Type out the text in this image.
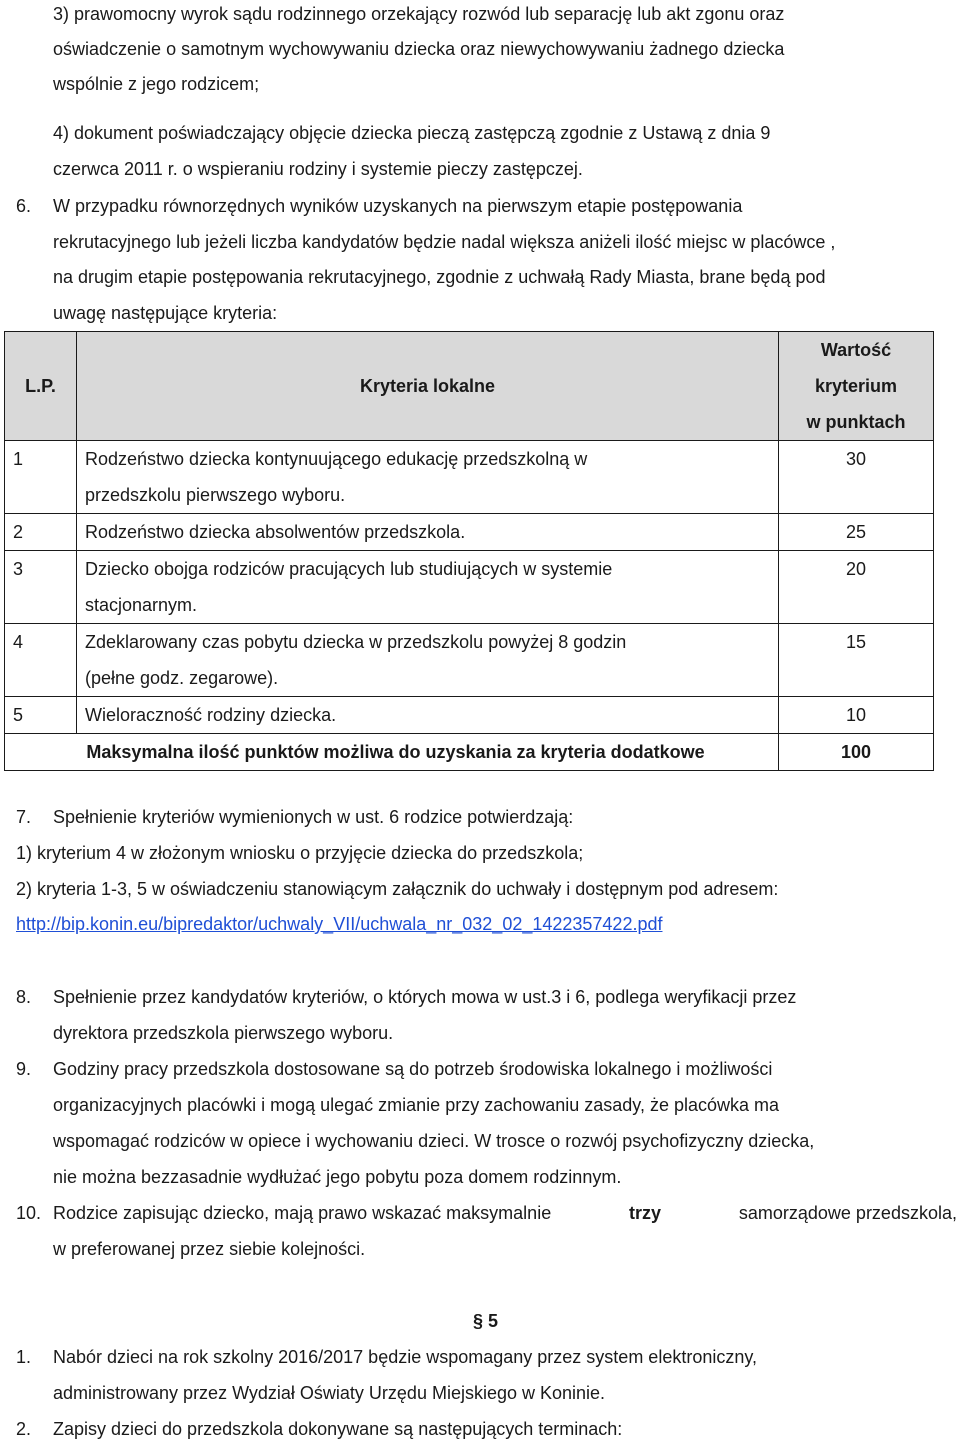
3) prawomocny wyrok sądu rodzinnego orzekający rozwód lub separację lub akt zgonu oraz
oświadczenie o samotnym wychowywaniu dziecka oraz niewychowywaniu żadnego dziecka
wspólnie z jego rodzicem;
4) dokument poświadczający objęcie dziecka pieczą zastępczą zgodnie z Ustawą z dnia 9
czerwca 2011 r. o wspieraniu rodziny i systemie pieczy zastępczej.
6. W przypadku równorzędnych wyników uzyskanych na pierwszym etapie postępowania
rekrutacyjnego lub jeżeli liczba kandydatów będzie nadal większa aniżeli ilość miejsc w placówce ,
na drugim etapie postępowania rekrutacyjnego, zgodnie z uchwałą Rady Miasta, brane będą pod
uwagę następujące kryteria:
L.P.	Kryteria lokalne	Wartość
kryterium
w punktach

1	Rodzeństwo dziecka kontynuującego edukację przedszkolną w
przedszkolu pierwszego wyboru.	30
2	Rodzeństwo dziecka absolwentów przedszkola.	25
3	Dziecko obojga rodziców pracujących lub studiujących w systemie
stacjonarnym.	20
4	Zdeklarowany czas pobytu dziecka w przedszkolu powyżej 8 godzin
(pełne godz. zegarowe).	15
5	Wieloraczność rodziny dziecka.	10
Maksymalna ilość punktów możliwa do uzyskania za kryteria dodatkowe		100
7. Spełnienie kryteriów wymienionych w ust. 6 rodzice potwierdzają:
1) kryterium 4 w złożonym wniosku o przyjęcie dziecka do przedszkola;
2) kryteria 1-3, 5 w oświadczeniu stanowiącym załącznik do uchwały i dostępnym pod adresem:
http://bip.konin.eu/bipredaktor/uchwaly_VII/uchwala_nr_032_02_1422357422.pdf
8. Spełnienie przez kandydatów kryteriów, o których mowa w ust.3 i 6, podlega weryfikacji przez
dyrektora przedszkola pierwszego wyboru.
9. Godziny pracy przedszkola dostosowane są do potrzeb środowiska lokalnego i możliwości
organizacyjnych placówki i mogą ulegać zmianie przy zachowaniu zasady, że placówka ma
wspomagać rodziców w opiece i wychowaniu dzieci. W trosce o rozwój psychofizyczny dziecka,
nie można bezzasadnie wydłużać jego pobytu poza domem rodzinnym.
10. Rodzice zapisując dziecko, mają prawo wskazać maksymalnie	trzy	samorządowe przedszkola,
w preferowanej przez siebie kolejności.
§ 5
1. Nabór dzieci na rok szkolny 2016/2017 będzie wspomagany przez system elektroniczny,
administrowany przez Wydział Oświaty Urzędu Miejskiego w Koninie.
2. Zapisy dzieci do przedszkola dokonywane są następujących terminach:
